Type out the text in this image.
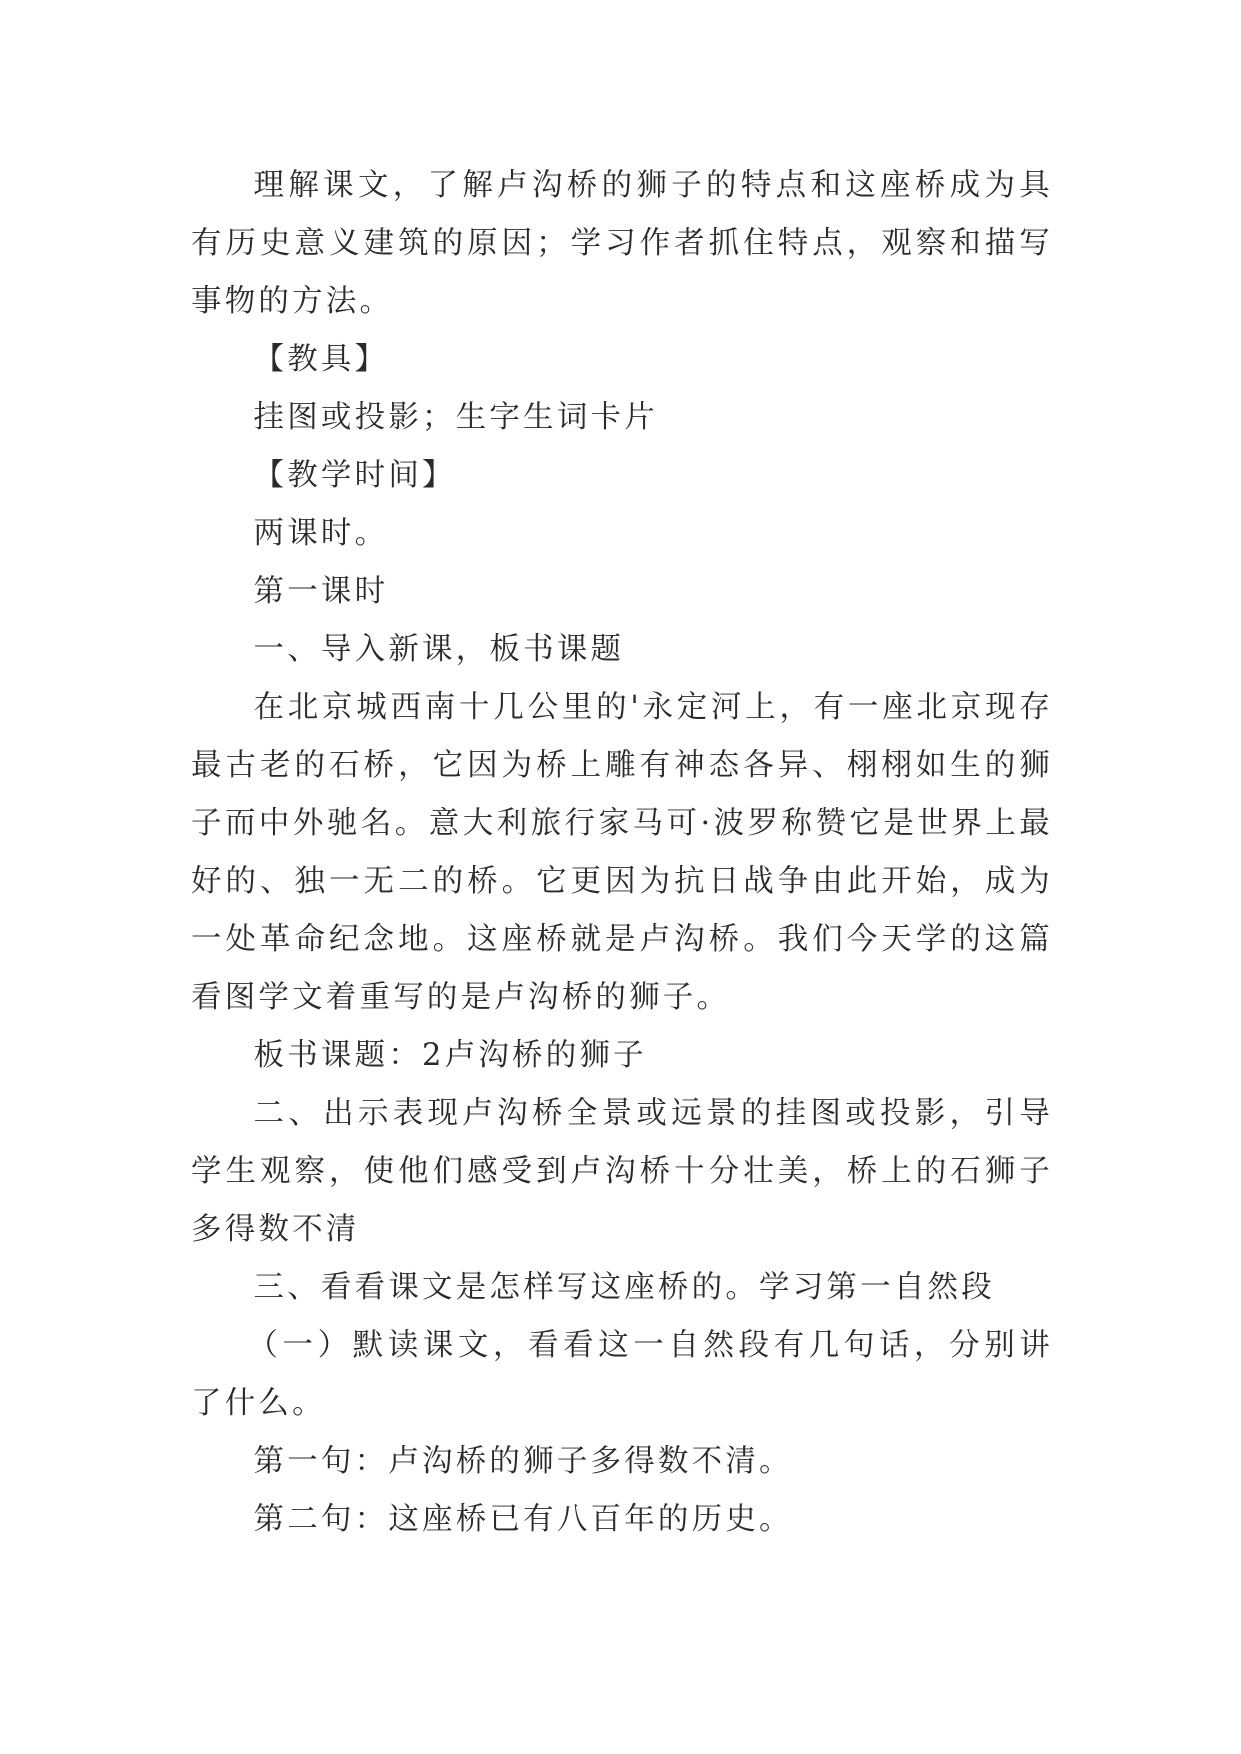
理解课文，了解卢沟桥的狮子的特点和这座桥成为具有历史意义建筑的原因；学习作者抓住特点，观察和描写事物的方法。

【教具】

挂图或投影；生字生词卡片

【教学时间】

两课时。

第一课时

一、导入新课，板书课题

在北京城西南十几公里的'永定河上，有一座北京现存最古老的石桥，它因为桥上雕有神态各异、栩栩如生的狮子而中外驰名。意大利旅行家马可·波罗称赞它是世界上最好的、独一无二的桥。它更因为抗日战争由此开始，成为一处革命纪念地。这座桥就是卢沟桥。我们今天学的这篇看图学文着重写的是卢沟桥的狮子。

板书课题：2卢沟桥的狮子

二、出示表现卢沟桥全景或远景的挂图或投影，引导学生观察，使他们感受到卢沟桥十分壮美，桥上的石狮子多得数不清

三、看看课文是怎样写这座桥的。学习第一自然段

（一）默读课文，看看这一自然段有几句话，分别讲了什么。

第一句：卢沟桥的狮子多得数不清。

第二句：这座桥已有八百年的历史。
